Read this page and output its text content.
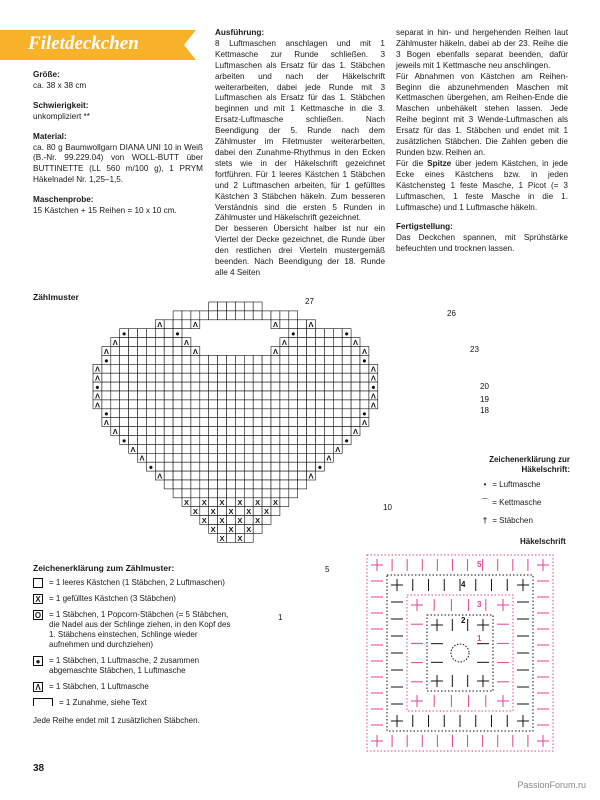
Filetdeckchen

Größe:

ca. 38 x 38 cm

Schwierigkeit:

unkompliziert **

Material:

ca. 80 g Baumwollgarn DIANA UNI 10 in Weiß (B.-Nr. 99.229.04) von WOLL-BUTT über BUTTINETTE (LL 560 m/100 g), 1 PRYM Häkelnadel Nr. 1,25–1,5.

Maschenprobe:

15 Kästchen + 15 Reihen = 10 x 10 cm.

Ausführung:

8 Luftmaschen anschlagen und mit 1 Kettmasche zur Runde schließen. 3 Luftmaschen als Ersatz für das 1. Stäbchen arbeiten und nach der Häkelschrift weiterarbeiten, dabei jede Runde mit 3 Luftmaschen als Ersatz für das 1. Stäbchen beginnen und mit 1 Kettmasche in die 3. Ersatz-Luftmasche schließen. Nach Beendigung der 5. Runde nach dem Zählmuster im Filetmuster weiterarbeiten, dabei den Zunahme-Rhythmus in den Ecken stets wie in der Häkelschrift gezeichnet fortführen. Für 1 leeres Kästchen 1 Stäbchen und 2 Luftmaschen arbeiten, für 1 gefülltes Kästchen 3 Stäbchen häkeln. Zum besseren Verständnis sind die ersten 5 Runden in Zählmuster und Häkelschrift gezeichnet.

Der besseren Übersicht halber ist nur ein Viertel der Decke gezeichnet, die Runde über den restlichen drei Vierteln mustergemäß beenden. Nach Beendigung der 18. Runde alle 4 Seiten

separat in hin- und hergehenden Reihen laut Zählmuster häkeln, dabei ab der 23. Reihe die 3 Bogen ebenfalls separat beenden, dafür jeweils mit 1 Kettmasche neu anschlingen.

Für Abnahmen von Kästchen am Reihen-Beginn die abzunehmenden Maschen mit Kettmaschen übergehen, am Reihen-Ende die Maschen unbehäkelt stehen lassen. Jede Reihe beginnt mit 3 Wende-Luftmaschen als Ersatz für das 1. Stäbchen und endet mit 1 zusätzlichen Stäbchen. Die Zahlen geben die Runden bzw. Reihen an.

Für die Spitze über jedem Kästchen, in jede Ecke eines Kästchens bzw. in jeden Kästchensteg 1 feste Masche, 1 Picot (= 3 Luftmaschen, 1 feste Masche in die 1. Luftmasche) und 1 Luftmasche häkeln.

Fertigstellung:

Das Deckchen spannen, mit Sprühstärke befeuchten und trocknen lassen.

Zählmuster
Λ	Λ	Λ	Λ
●	●	●	●
Λ	Λ	Λ	Λ
Λ	Λ	Λ	Λ
●	●
Λ	Λ
Λ	Λ
●	●
Λ	Λ
Λ	Λ
●	●
Λ	Λ
Λ	Λ
●	●
Λ	Λ
Λ	Λ
●	●
Λ	Λ
X X X X X X
X X X X X
X X X X
X X X
X X
27
26
23
20
19
18
10
5
1
Zeichenerklärung zum Zählmuster:
= 1 leeres Kästchen (1 Stäbchen, 2 Luftmaschen)
X = 1 gefülltes Kästchen (3 Stäbchen)
O = 1 Stäbchen, 1 Popcorn-Stäbchen (= 5 Stäbchen, die Nadel aus der Schlinge ziehen, in den Kopf des 1. Stäbchens einstechen, Schlinge wieder aufnehmen und durchziehen)
●	= 1 Stäbchen, 1 Luftmasche, 2 zusammen abgemaschte Stäbchen, 1 Luftmasche
Λ = 1 Stäbchen, 1 Luftmasche
= 1 Zunahme, siehe Text
Jede Reihe endet mit 1 zusätzlichen Stäbchen.
Zeichenerklärung zur Häkelschrift:
• = Luftmasche
⌒ = Kettmasche
† = Stäbchen
Häkelschrift
5
4
3
2
1
38
PassionForum.ru
